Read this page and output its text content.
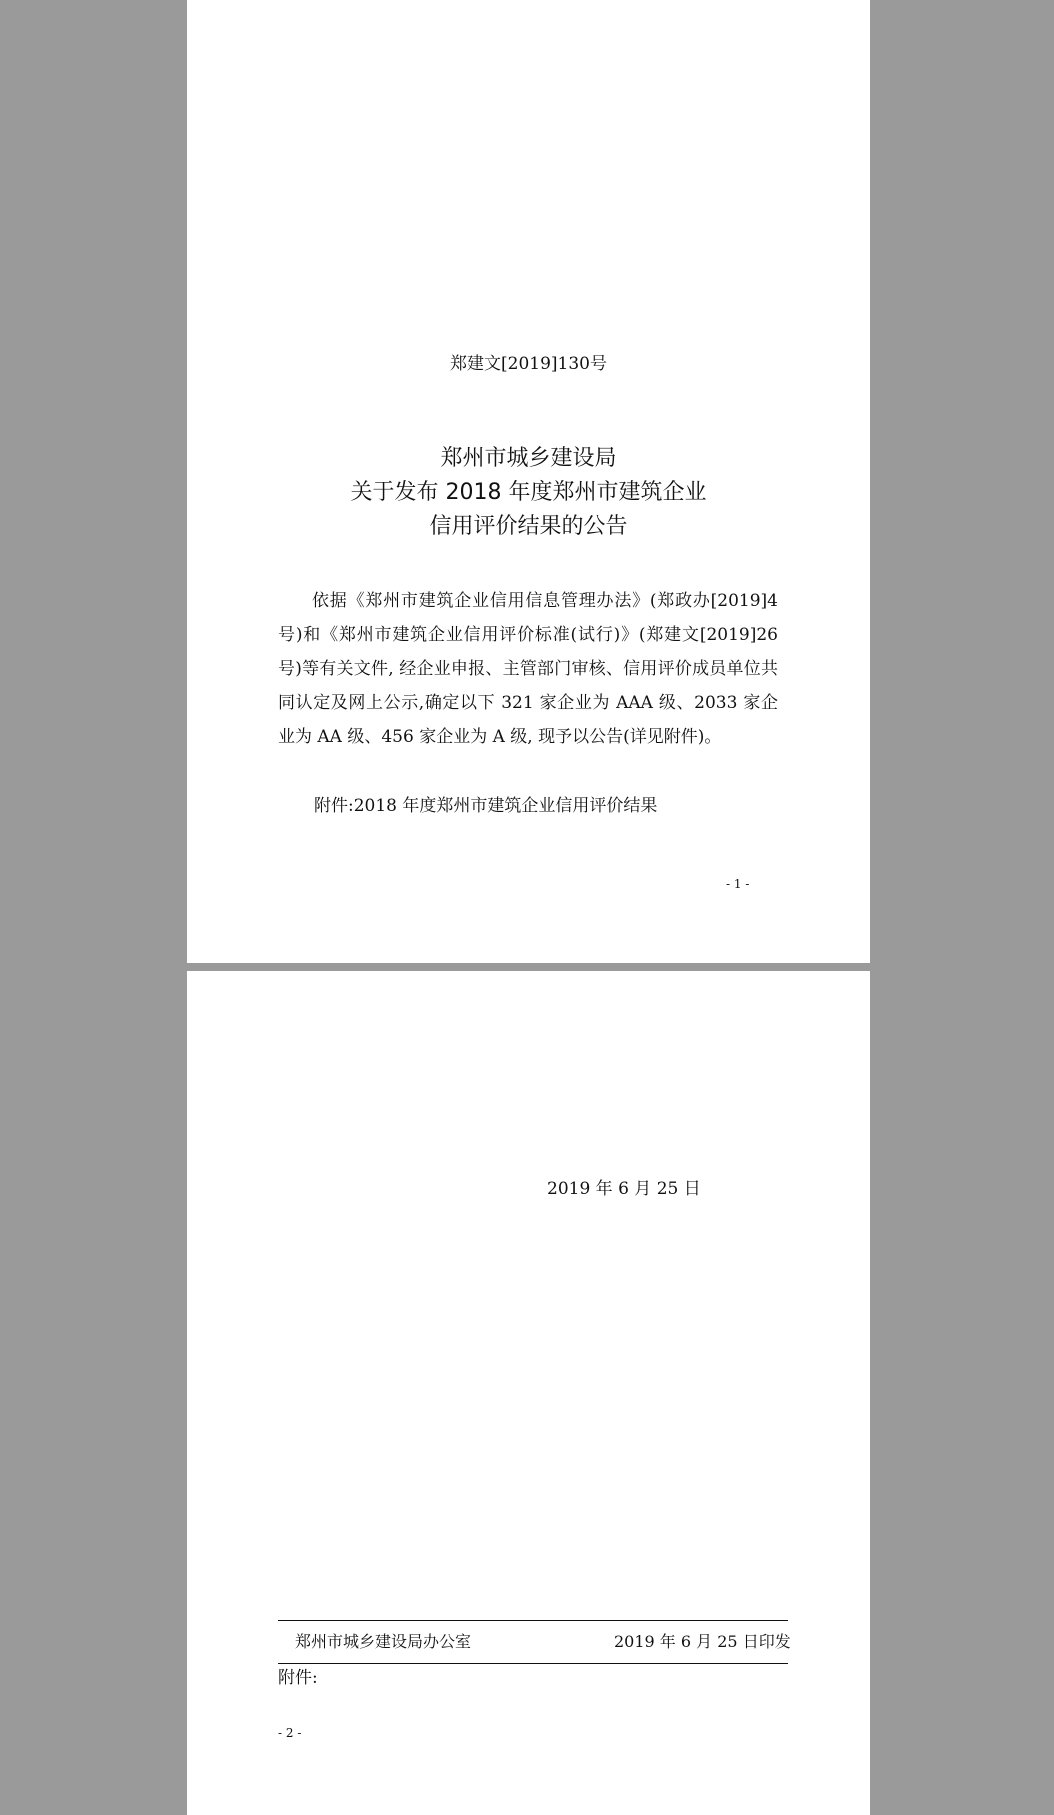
郑建文[2019]130号
郑州市城乡建设局
关于发布 2018 年度郑州市建筑企业
信用评价结果的公告
依据《郑州市建筑企业信用信息管理办法》(郑政办[2019]4号)和《郑州市建筑企业信用评价标准(试行)》(郑建文[2019]26号)等有关文件, 经企业申报、主管部门审核、信用评价成员单位共同认定及网上公示,确定以下 321 家企业为 AAA 级、2033 家企业为 AA 级、456 家企业为 A 级, 现予以公告(详见附件)。
附件:2018 年度郑州市建筑企业信用评价结果
- 1 -
2019 年 6 月 25 日
郑州市城乡建设局办公室	2019 年 6 月 25 日印发
附件:
- 2 -
